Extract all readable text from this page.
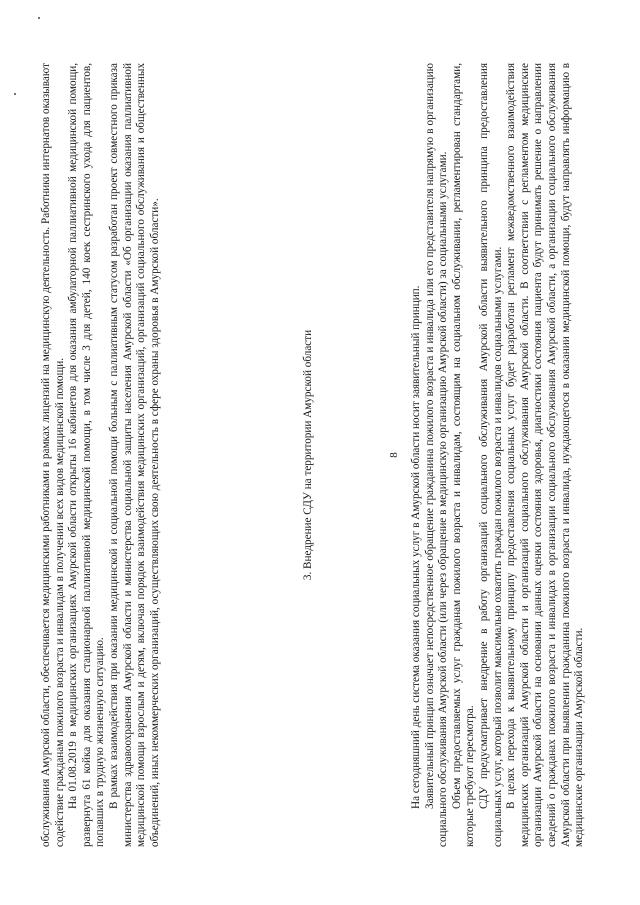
обслуживания Амурской области, обеспечивается медицинскими работниками в рамках лицензий на медицинскую деятельность. Работники интернатов оказывают содействие гражданам пожилого возраста и инвалидам в получении всех видов медицинской помощи. На 01.08.2019 в медицинских организациях Амурской области открыты 16 кабинетов для оказания амбулаторной паллиативной медицинской помощи, развернута 61 койка для оказания стационарной паллиативной медицинской помощи, в том числе 3 для детей, 140 коек сестринского ухода для пациентов, попавших в трудную жизненную ситуацию. В рамках взаимодействия при оказании медицинской и социальной помощи больным с паллиативным статусом разработан проект совместного приказа министерства здравоохранения Амурской области и министерства социальной защиты населения Амурской области «Об организации оказания паллиативной медицинской помощи взрослым и детям, включая порядок взаимодействия медицинских организаций, организаций социального обслуживания и общественных объединений, иных некоммерческих организаций, осуществляющих свою деятельность в сфере охраны здоровья в Амурской области».	3. Внедрение СДУ на территории Амурской области	8 На сегодняшний день система оказания социальных услуг в Амурской области носит заявительный принцип. Заявительный принцип означает непосредственное обращение гражданина пожилого возраста и инвалида или его представителя напрямую в организацию социального обслуживания Амурской области (или через обращение в медицинскую организацию Амурской области) за социальными услугами. Объем предоставляемых услуг гражданам пожилого возраста и инвалидам, состоящим на социальном обслуживании, регламентирован стандартами, которые требуют пересмотра. СДУ предусматривает внедрение в работу организаций социального обслуживания Амурской области выявительного принципа предоставления социальных услуг, который позволит максимально охватить граждан пожилого возраста и инвалидов социальными услугами. В целях перехода к выявительному принципу предоставления социальных услуг будет разработан регламент межведомственного взаимодействия медицинских организаций Амурской области и организаций социального обслуживания Амурской области. В соответствии с регламентом медицинские организации Амурской области на основании данных оценки состояния здоровья, диагностики состояния пациента будут принимать решение о направлении сведений о гражданах пожилого возраста и инвалидах в организации социального обслуживания Амурской области, а организации социального обслуживания Амурской области при выявлении гражданина пожилого возраста и инвалида, нуждающегося в оказании медицинской помощи, будут направлять информацию в медицинские организации Амурской области.
